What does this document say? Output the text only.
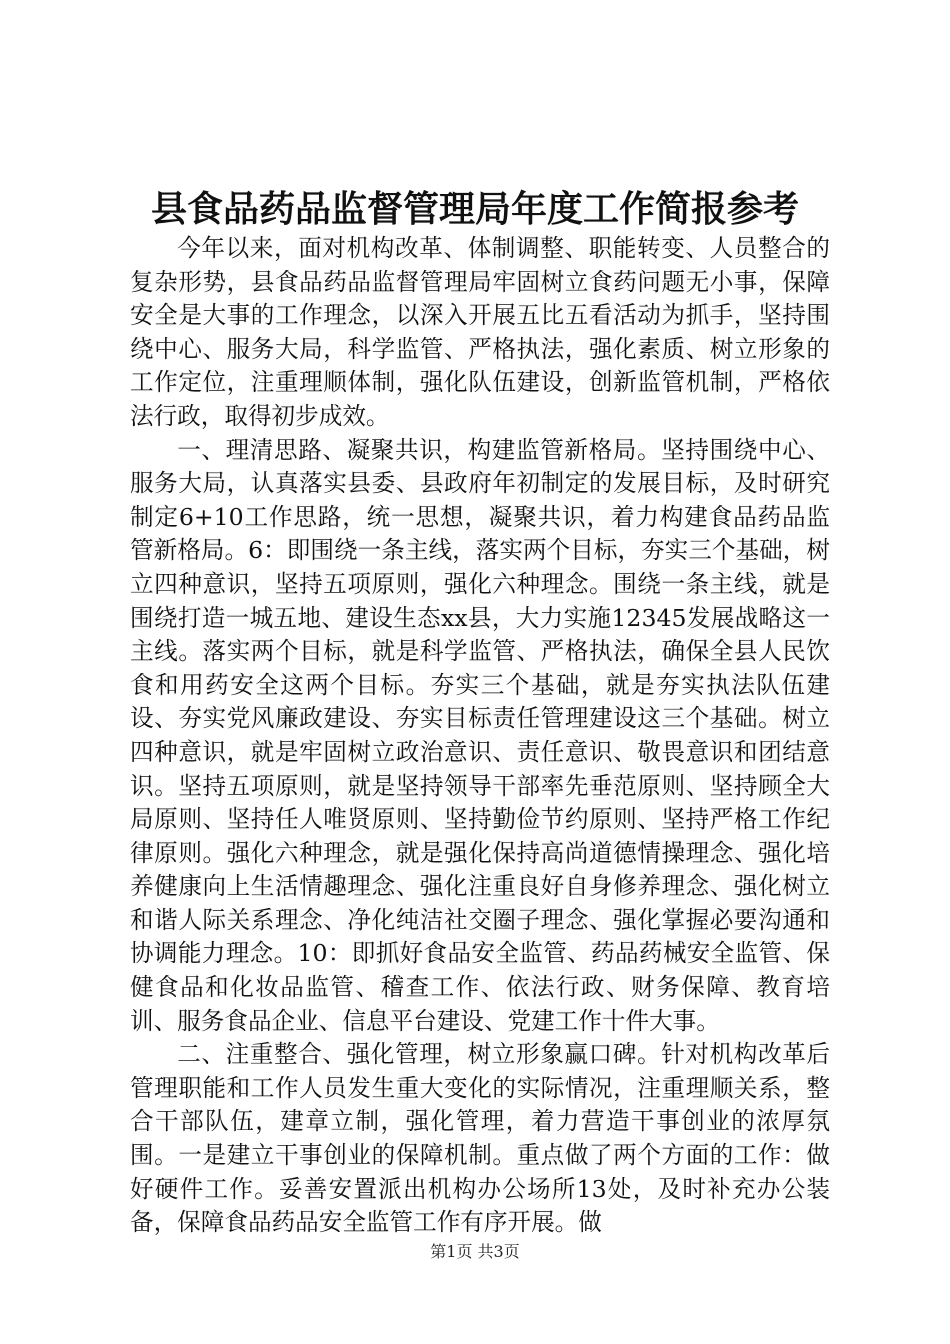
县食品药品监督管理局年度工作简报参考

今年以来，面对机构改革、体制调整、职能转变、人员整合的复杂形势，县食品药品监督管理局牢固树立食药问题无小事，保障安全是大事的工作理念，以深入开展五比五看活动为抓手，坚持围绕中心、服务大局，科学监管、严格执法，强化素质、树立形象的工作定位，注重理顺体制，强化队伍建设，创新监管机制，严格依法行政，取得初步成效。

一、理清思路、凝聚共识，构建监管新格局。坚持围绕中心、服务大局，认真落实县委、县政府年初制定的发展目标，及时研究制定6+10工作思路，统一思想，凝聚共识，着力构建食品药品监管新格局。6：即围绕一条主线，落实两个目标，夯实三个基础，树立四种意识，坚持五项原则，强化六种理念。围绕一条主线，就是围绕打造一城五地、建设生态xx县，大力实施12345发展战略这一主线。落实两个目标，就是科学监管、严格执法，确保全县人民饮食和用药安全这两个目标。夯实三个基础，就是夯实执法队伍建设、夯实党风廉政建设、夯实目标责任管理建设这三个基础。树立四种意识，就是牢固树立政治意识、责任意识、敬畏意识和团结意识。坚持五项原则，就是坚持领导干部率先垂范原则、坚持顾全大局原则、坚持任人唯贤原则、坚持勤俭节约原则、坚持严格工作纪律原则。强化六种理念，就是强化保持高尚道德情操理念、强化培养健康向上生活情趣理念、强化注重良好自身修养理念、强化树立和谐人际关系理念、净化纯洁社交圈子理念、强化掌握必要沟通和协调能力理念。10：即抓好食品安全监管、药品药械安全监管、保健食品和化妆品监管、稽查工作、依法行政、财务保障、教育培训、服务食品企业、信息平台建设、党建工作十件大事。

二、注重整合、强化管理，树立形象赢口碑。针对机构改革后管理职能和工作人员发生重大变化的实际情况，注重理顺关系，整合干部队伍，建章立制，强化管理，着力营造干事创业的浓厚氛围。一是建立干事创业的保障机制。重点做了两个方面的工作：做好硬件工作。妥善安置派出机构办公场所13处，及时补充办公装备，保障食品药品安全监管工作有序开展。做

第1页 共3页
